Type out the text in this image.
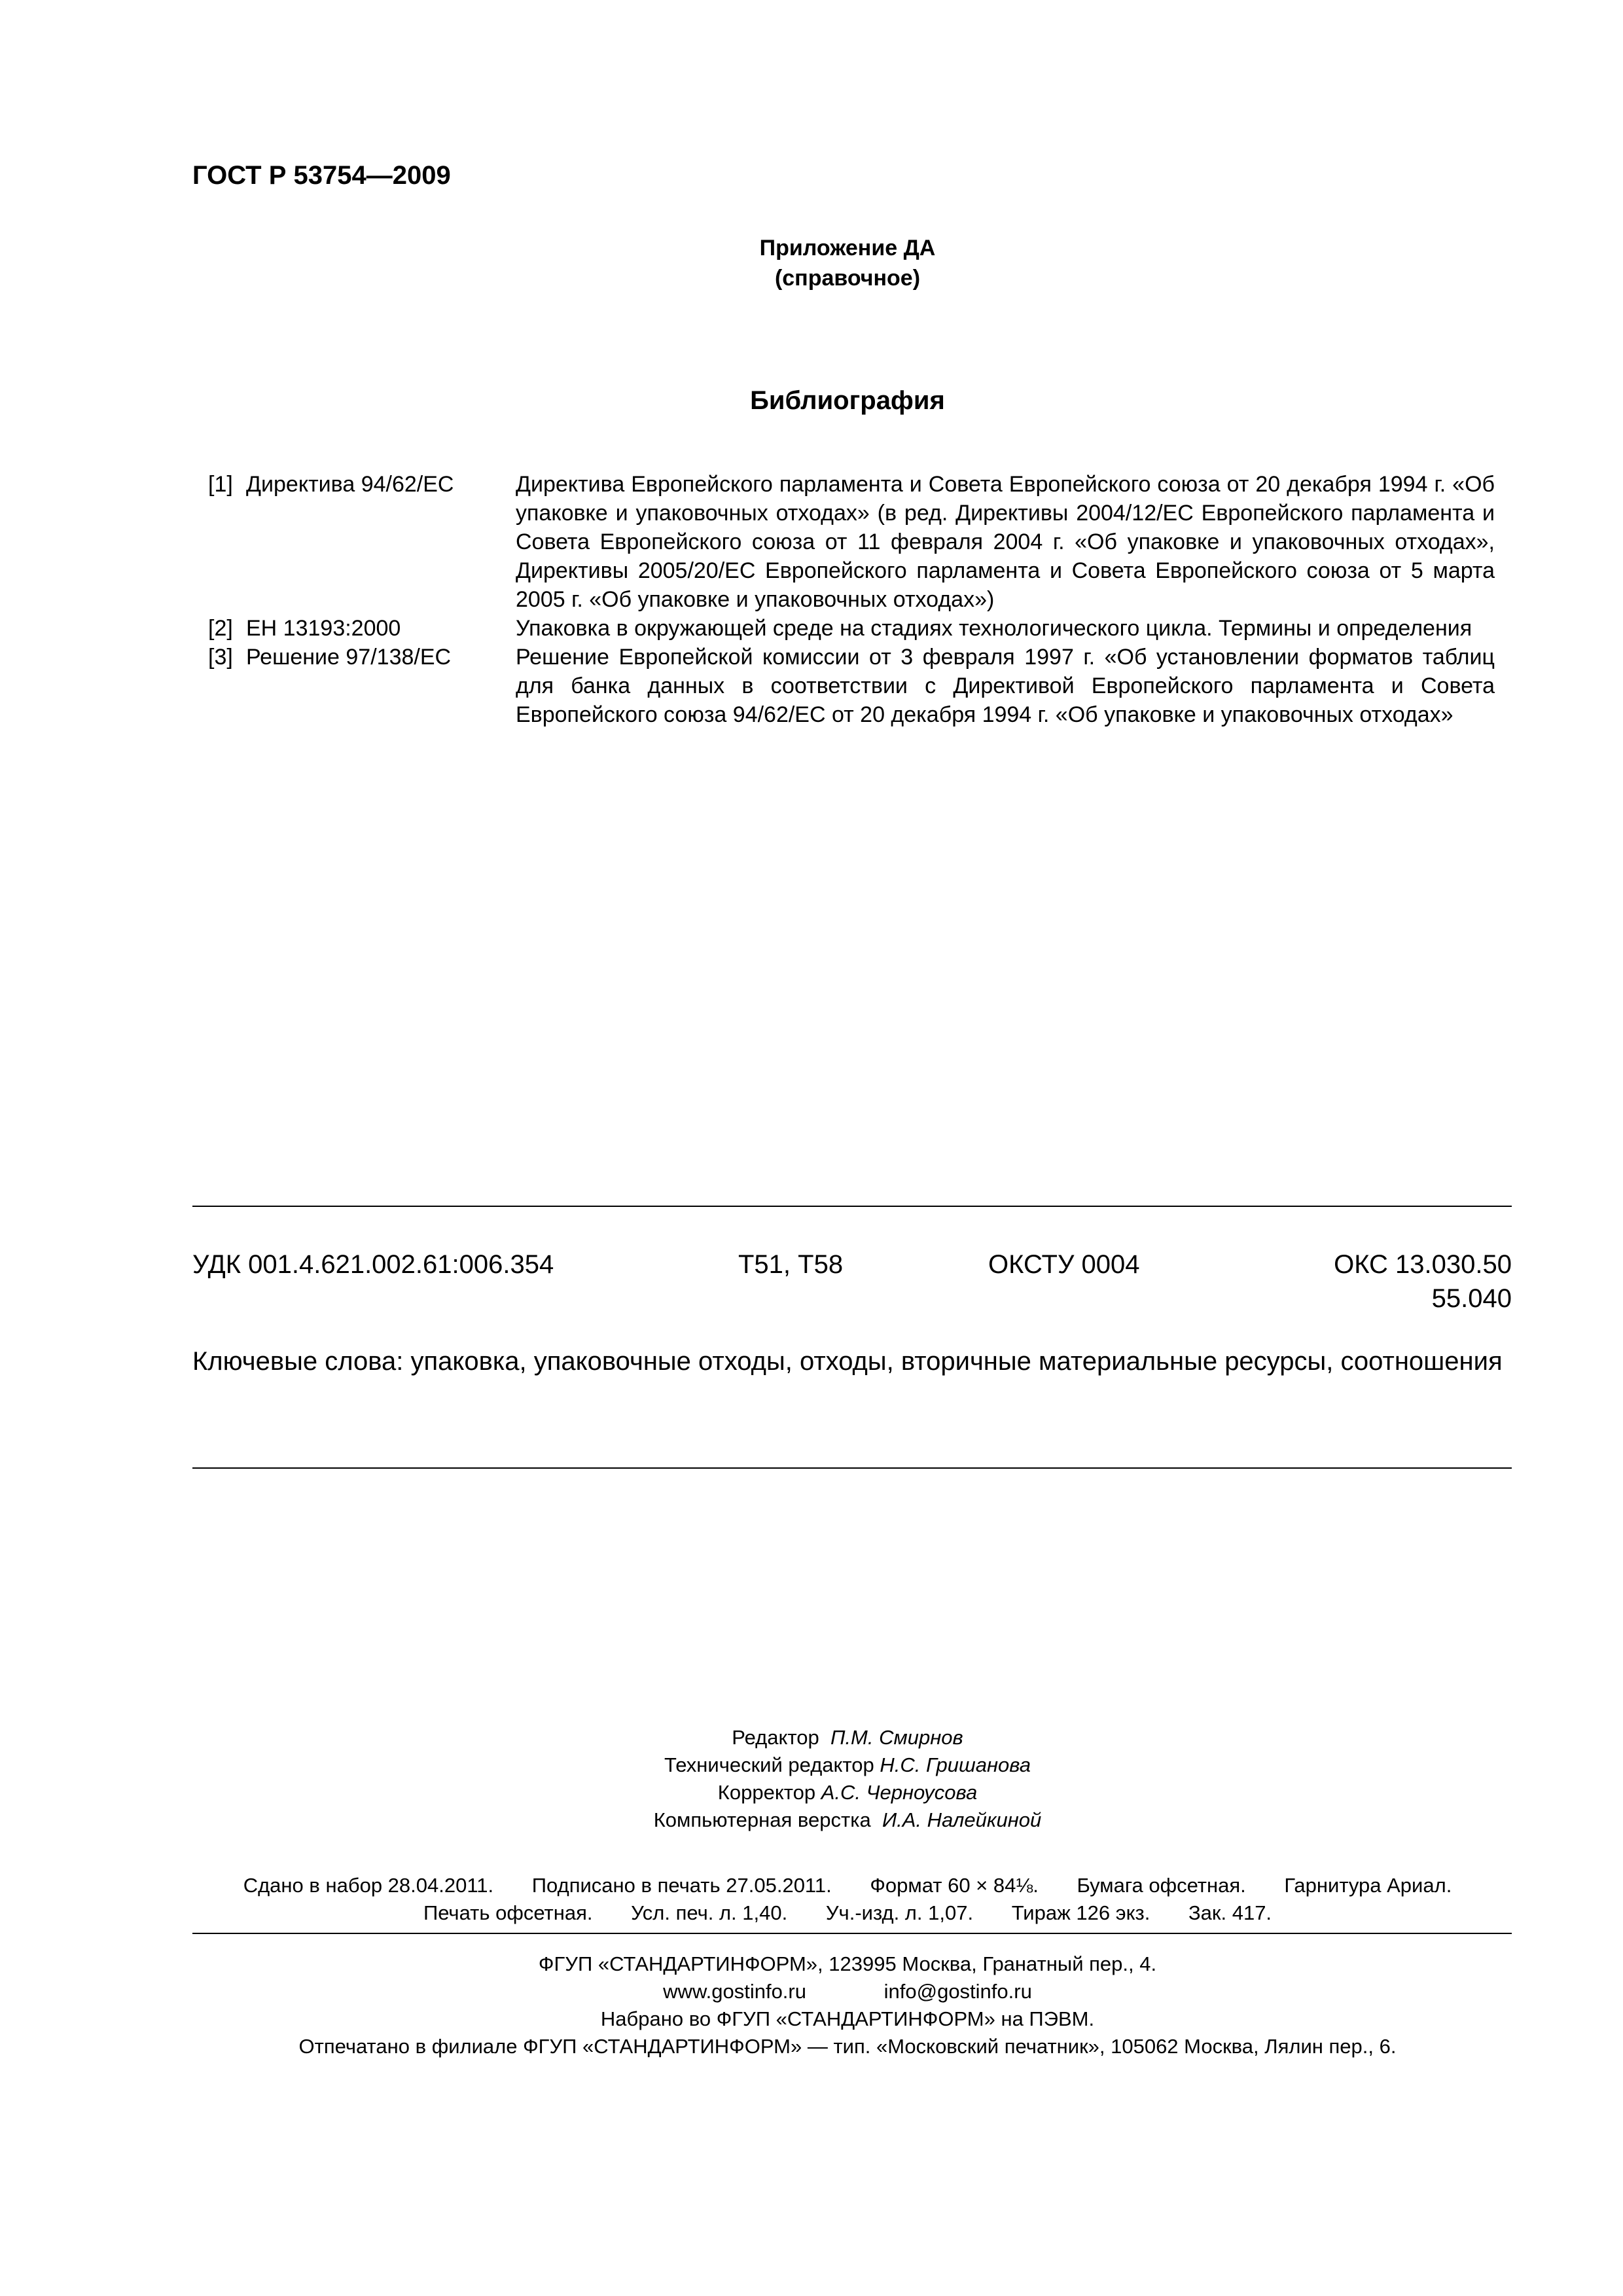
ГОСТ Р 53754—2009
Приложение ДА
(справочное)
Библиография
[1] Директива 94/62/ЕС	Директива Европейского парламента и Совета Европейского союза от 20 декабря 1994 г. «Об упаковке и упаковочных отходах» (в ред. Директивы 2004/12/ЕС Европейского парламента и Совета Европейского союза от 11 февраля 2004 г. «Об упаковке и упаковочных отходах», Директивы 2005/20/ЕС Европейского парламента и Совета Европейского союза от 5 марта 2005 г. «Об упаковке и упаковочных отходах»)
[2] ЕН 13193:2000	Упаковка в окружающей среде на стадиях технологического цикла. Термины и определения
[3] Решение 97/138/ЕС	Решение Европейской комиссии от 3 февраля 1997 г. «Об установлении форматов таблиц для банка данных в соответствии с Директивой Европейского парламента и Совета Европейского союза 94/62/ЕС от 20 декабря 1994 г. «Об упаковке и упаковочных отходах»
УДК 001.4.621.002.61:006.354	Т51, Т58	ОКСТУ 0004	ОКС 13.030.50
55.040
Ключевые слова: упаковка, упаковочные отходы, отходы, вторичные материальные ресурсы, соотношения
Редактор П.М. Смирнов
Технический редактор Н.С. Гришанова
Корректор А.С. Черноусова
Компьютерная верстка И.А. Налейкиной
Сдано в набор 28.04.2011. Подписано в печать 27.05.2011. Формат 60 × 84⅛. Бумага офсетная. Гарнитура Ариал.
Печать офсетная. Усл. печ. л. 1,40. Уч.-изд. л. 1,07. Тираж 126 экз. Зак. 417.
ФГУП «СТАНДАРТИНФОРМ», 123995 Москва, Гранатный пер., 4.
www.gostinfo.ru	info@gostinfo.ru
Набрано во ФГУП «СТАНДАРТИНФОРМ» на ПЭВМ.
Отпечатано в филиале ФГУП «СТАНДАРТИНФОРМ» — тип. «Московский печатник», 105062 Москва, Лялин пер., 6.
